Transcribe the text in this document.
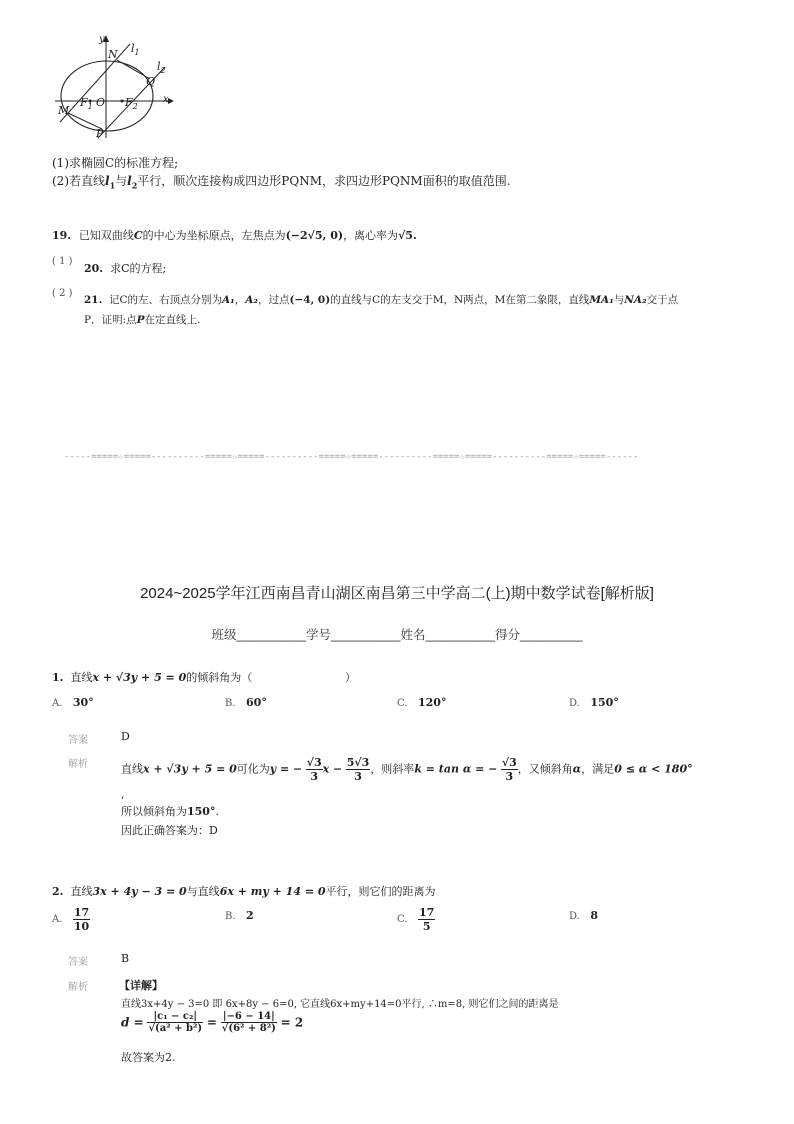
y
x
N $l_1$
$l_2$
Q
M
$F_1$ O $F_2$
P
(1)求椭圆C的标准方程;
(2)若直线$l_1$与$l_2$平行，顺次连接构成四边形PQNM，求四边形PQNM面积的取值范围.
19. 已知双曲线C的中心为坐标原点，左焦点为(−2√5, 0)，离心率为√5.
( 1 )
20. 求C的方程;
( 2 )
21. 记C的左、右顶点分别为A₁，A₂，过点(−4, 0)的直线与C的左支交于M，N两点，M在第二象限，直线MA₁与NA₂交于点
P．证明:点P在定直线上.
-----=====☆=====----------=====☆=====----------=====☆=====----------=====☆=====----------=====☆=====------
2024~2025学年江西南昌青山湖区南昌第三中学高二(上)期中数学试卷[解析版]
班级__________学号__________姓名__________得分_________
1. 直线x + √3y + 5 = 0的倾斜角为（	）
A. 30°	B. 60°	C. 120°	D. 150°
答案	D
解析	直线x + √3y + 5 = 0可化为y = − $\frac{√3}{3}$ $x - \frac{5√3}{3}$ ，则斜率k = tan α = − $\frac{√3}{3}$ ，又倾斜角α，满足0 ≤ α < 180°
,
所以倾斜角为150°.
因此正确答案为：D
2. 直线3x + 4y − 3 = 0与直线6x + my + 14 = 0平行，则它们的距离为
A. $\frac{17}{10}$	B. 2	C. $\frac{17}{5}$	D. 8
答案	B
解析	【详解】
直线3x+4y − 3=0 即 6x+8y − 6=0, 它直线6x+my+14=0平行, ∴m=8, 则它们之间的距离是
$d = \frac{\text{|c₁ − c₂|}}{\text{√(a² + b²)}} = \frac{|-6 - 14|}{\text{√(6² + 8²)}} = 2$
故答案为2.
